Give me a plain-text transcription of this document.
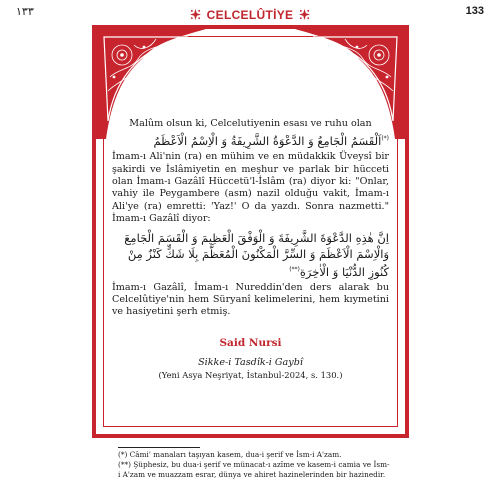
١٣٣	CELCELÛTİYE	133
Malûm olsun ki, Celcelutiyenin esası ve ruhu olan
(*)اَلْقَسَمُ الْجَامِعُ وَ الدَّعْوَةُ الشَّرِيفَةُ وَ الْاِسْمُ الْاَعْظَمُ
İmam-ı Ali'nin (ra) en mühim ve en müdakkik Üveysî bir şakirdi ve İslâmiyetin en meşhur ve parlak bir hücceti olan İmam-ı Gazâlî Hüccetü'l-İslâm (ra) diyor ki: "Onlar, vahiy ile Peygambere (asm) nazil olduğu vakit, İmam-ı Ali'ye (ra) emretti: 'Yaz!' O da yazdı. Sonra nazmetti." İmam-ı Gazâlî diyor:
اِنَّ هٰذِهِ الدَّعْوَةَ الشَّرِيفَةَ وَ الْوَفْقَ الْعَظِيمَ وَ الْقَسَمَ الْجَامِعَ وَالْاِسْمَ الْاَعْظَمَ وَ السِّرَّ الْمَكْنُونَ الْمُعَظَّمَ بِلَا شَكٍّ كَنْزٌ مِنْ كُنُوزِ الدُّنْيَا وَ الْاٰخِرَةِ(**)
İmam-ı Gazâlî, İmam-ı Nureddin'den ders alarak bu Celcelûtiye'nin hem Süryanî kelimelerini, hem kıymetini ve hasiyetini şerh etmiş.
Said Nursi
Sikke-i Tasdîk-i Gaybî
(Yeni Asya Neşriyat, İstanbul-2024, s. 130.)
(*) Câmi' manaları taşıyan kasem, dua-i şerif ve İsm-i A'zam.
(**) Şüphesiz, bu dua-i şerif ve münacat-ı azîme ve kasem-i camia ve İsm-i A'zam ve muazzam esrar, dünya ve ahiret hazinelerinden bir hazinedir.
